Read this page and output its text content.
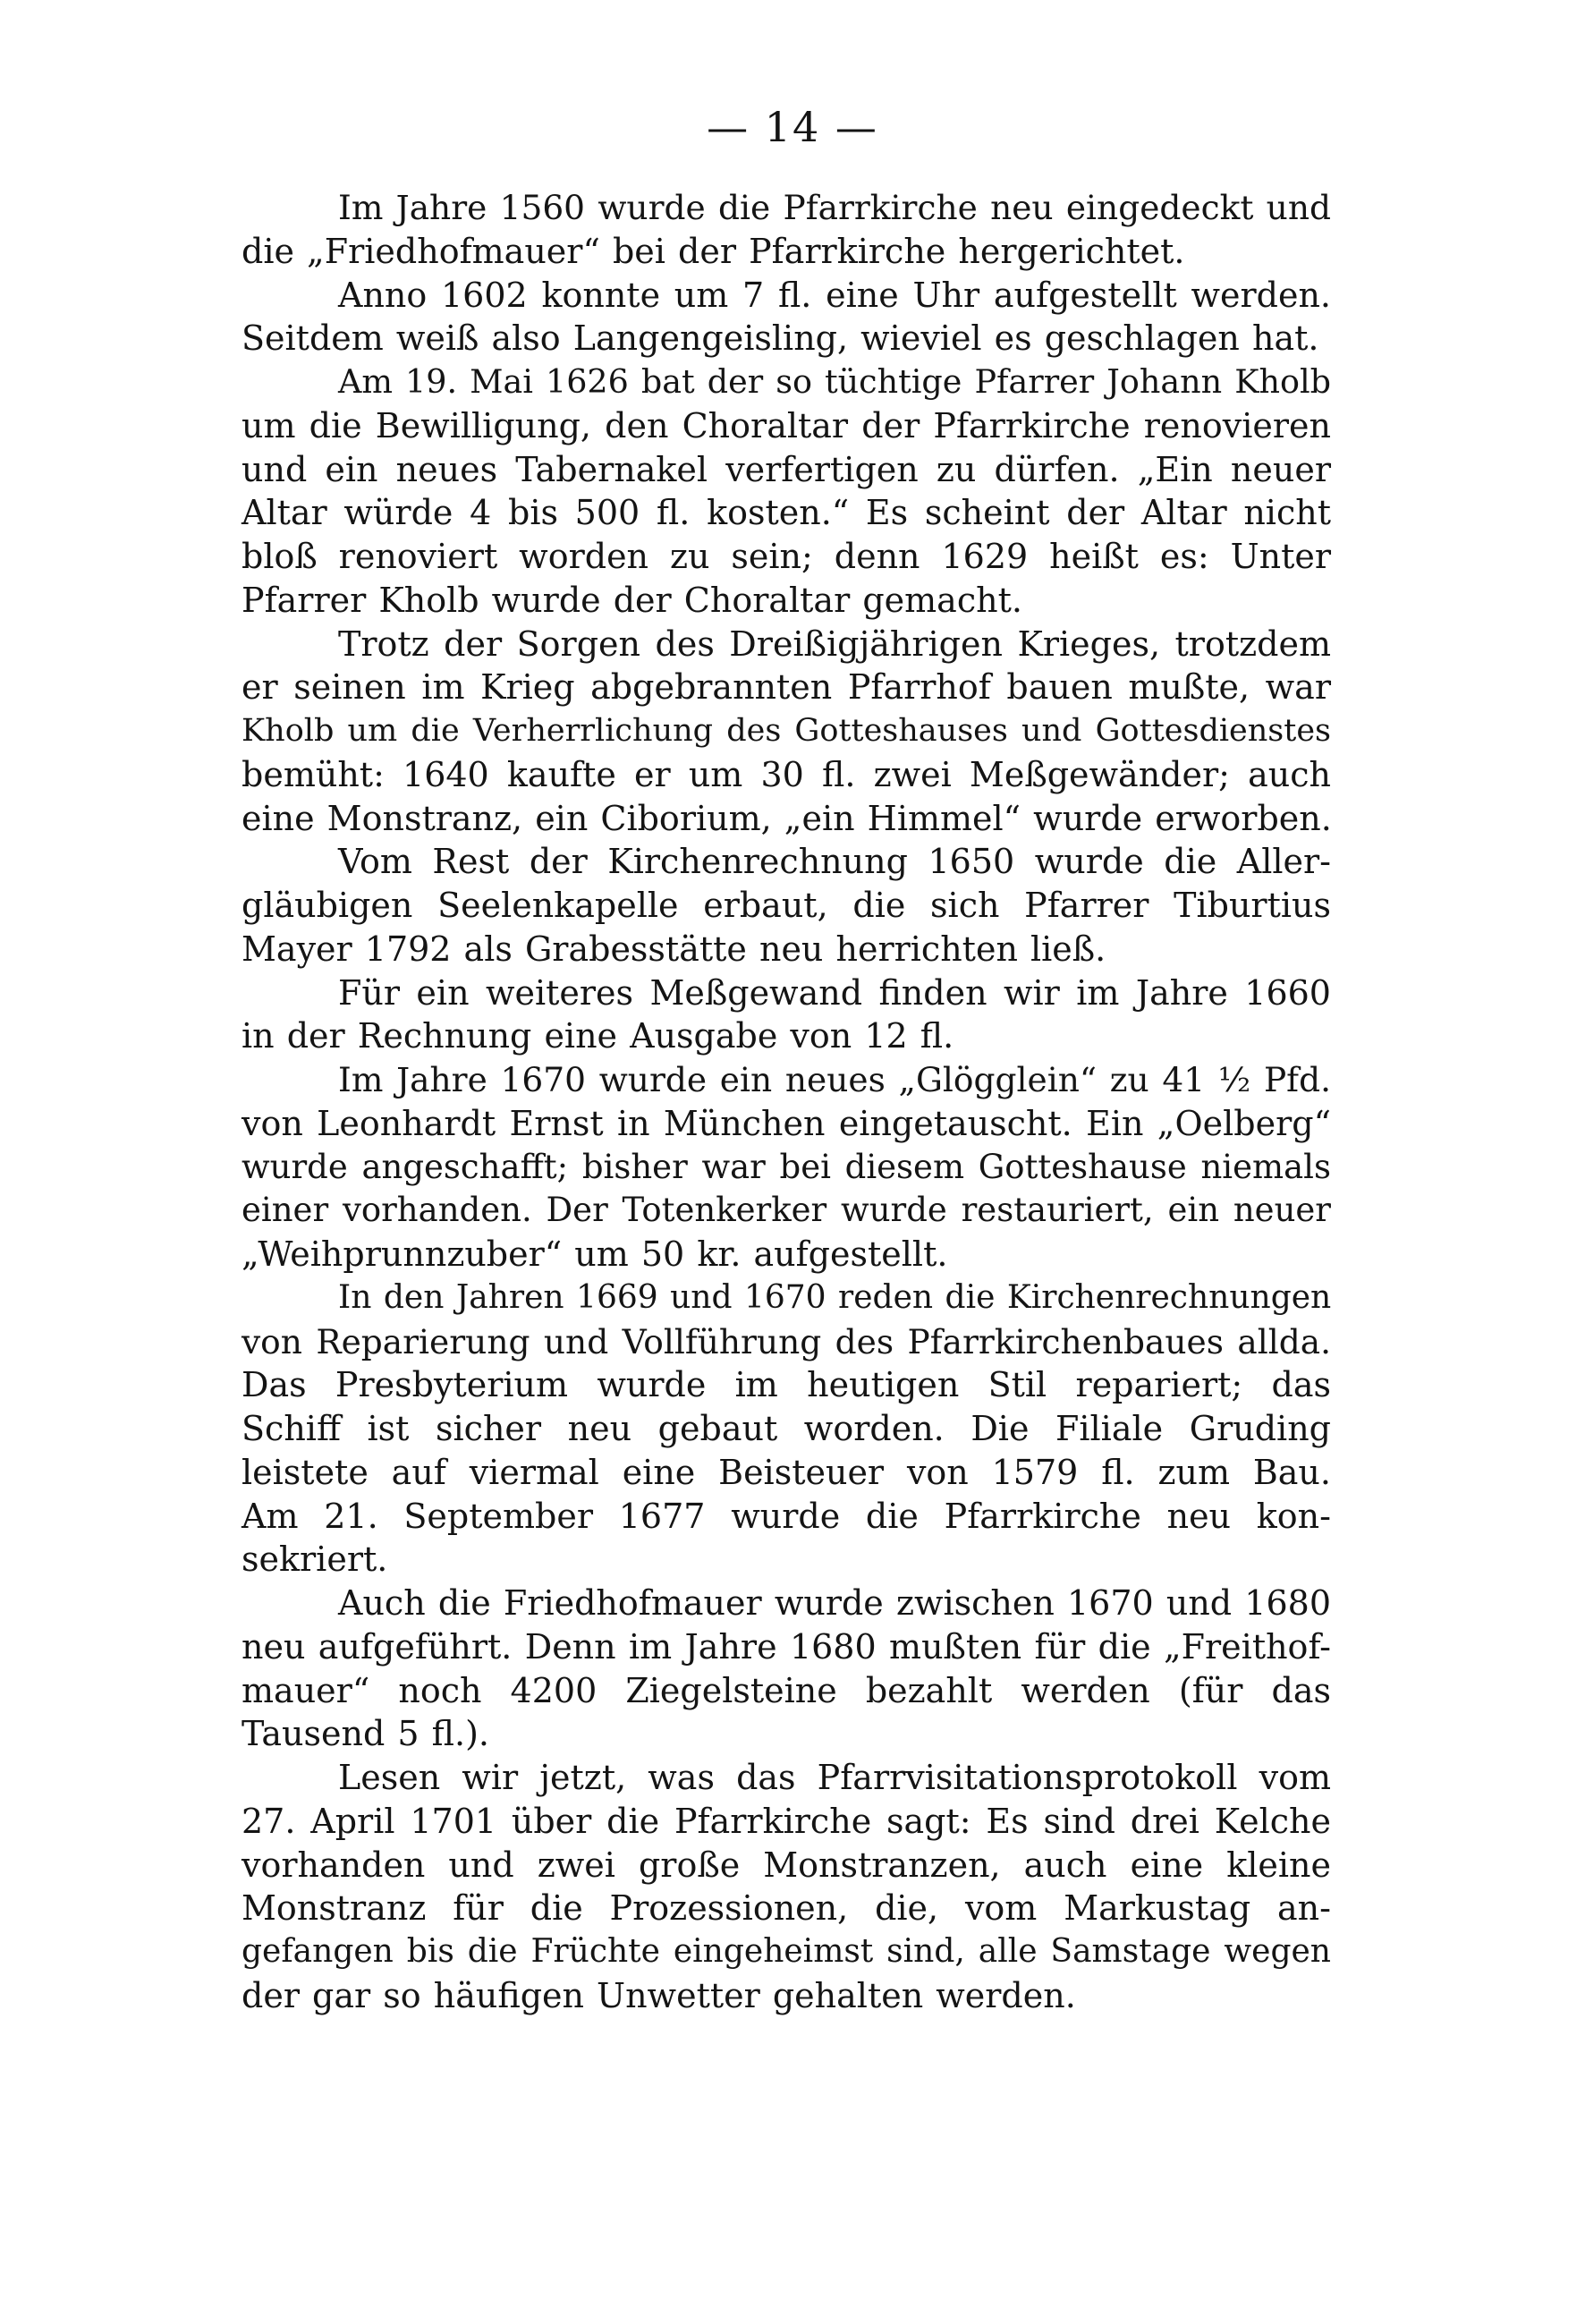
— 14 —
Im Jahre 1560 wurde die Pfarrkirche neu eingedeckt und
die „Friedhofmauer“ bei der Pfarrkirche hergerichtet.
Anno 1602 konnte um 7 fl. eine Uhr aufgestellt werden.
Seitdem weiß also Langengeisling, wieviel es geschlagen hat.
Am 19. Mai 1626 bat der so tüchtige Pfarrer Johann Kholb
um die Bewilligung, den Choraltar der Pfarrkirche renovieren
und ein neues Tabernakel verfertigen zu dürfen. „Ein neuer
Altar würde 4 bis 500 fl. kosten.“ Es scheint der Altar nicht
bloß renoviert worden zu sein; denn 1629 heißt es: Unter
Pfarrer Kholb wurde der Choraltar gemacht.
Trotz der Sorgen des Dreißigjährigen Krieges, trotzdem
er seinen im Krieg abgebrannten Pfarrhof bauen mußte, war
Kholb um die Verherrlichung des Gotteshauses und Gottesdienstes
bemüht: 1640 kaufte er um 30 fl. zwei Meßgewänder; auch
eine Monstranz, ein Ciborium, „ein Himmel“ wurde erworben.
Vom Rest der Kirchenrechnung 1650 wurde die Aller-
gläubigen Seelenkapelle erbaut, die sich Pfarrer Tiburtius
Mayer 1792 als Grabesstätte neu herrichten ließ.
Für ein weiteres Meßgewand finden wir im Jahre 1660
in der Rechnung eine Ausgabe von 12 fl.
Im Jahre 1670 wurde ein neues „Glögglein“ zu 41 ½ Pfd.
von Leonhardt Ernst in München eingetauscht. Ein „Oelberg“
wurde angeschafft; bisher war bei diesem Gotteshause niemals
einer vorhanden. Der Totenkerker wurde restauriert, ein neuer
„Weihprunnzuber“ um 50 kr. aufgestellt.
In den Jahren 1669 und 1670 reden die Kirchenrechnungen
von Reparierung und Vollführung des Pfarrkirchenbaues allda.
Das Presbyterium wurde im heutigen Stil repariert; das
Schiff ist sicher neu gebaut worden. Die Filiale Gruding
leistete auf viermal eine Beisteuer von 1579 fl. zum Bau.
Am 21. September 1677 wurde die Pfarrkirche neu kon-
sekriert.
Auch die Friedhofmauer wurde zwischen 1670 und 1680
neu aufgeführt. Denn im Jahre 1680 mußten für die „Freithof-
mauer“ noch 4200 Ziegelsteine bezahlt werden (für das
Tausend 5 fl.).
Lesen wir jetzt, was das Pfarrvisitationsprotokoll vom
27. April 1701 über die Pfarrkirche sagt: Es sind drei Kelche
vorhanden und zwei große Monstranzen, auch eine kleine
Monstranz für die Prozessionen, die, vom Markustag an-
gefangen bis die Früchte eingeheimst sind, alle Samstage wegen
der gar so häufigen Unwetter gehalten werden.
